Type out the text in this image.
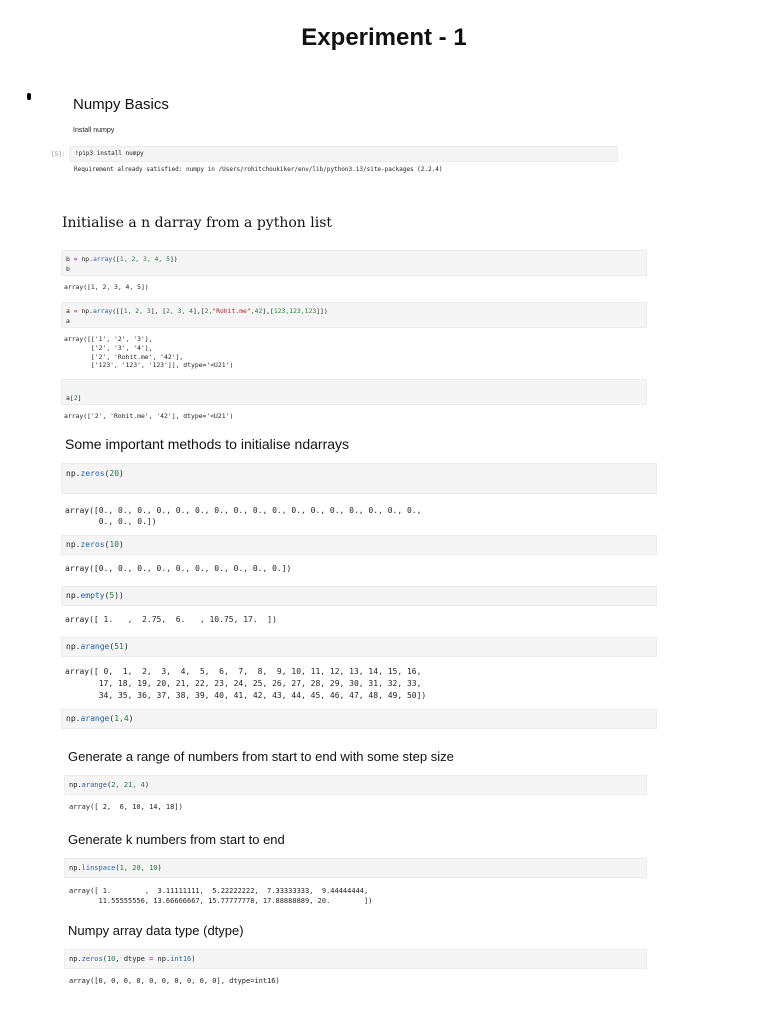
Experiment - 1
Numpy Basics
Install numpy
[5]: !pip3 install numpy
Requirement already satisfied: numpy in /Users/rohitchoukiker/env/lib/python3.13/site-packages (2.2.4)
Initialise a n darray from a python list
b = np.array([1, 2, 3, 4, 5])
b
array([1, 2, 3, 4, 5])
a = np.array([[1, 2, 3], [2, 3, 4],[2,"Rohit.me",42],[123,123,123]])
a
array([['1', '2', '3'],
['2', '3', '4'],
['2', 'Rohit.me', '42'],
['123', '123', '123']], dtype='<U21')
a[2]
array(['2', 'Rohit.me', '42'], dtype='<U21')
Some important methods to initialise ndarrays
np.zeros(20)
array([0., 0., 0., 0., 0., 0., 0., 0., 0., 0., 0., 0., 0., 0., 0., 0., 0.,
0., 0., 0.])
np.zeros(10)
array([0., 0., 0., 0., 0., 0., 0., 0., 0., 0.])
np.empty(5))
array([ 1.   ,  2.75,  6.   , 10.75, 17.  ])
np.arange(51)
array([ 0,  1,  2,  3,  4,  5,  6,  7,  8,  9, 10, 11, 12, 13, 14, 15, 16,
17, 18, 19, 20, 21, 22, 23, 24, 25, 26, 27, 28, 29, 30, 31, 32, 33,
34, 35, 36, 37, 38, 39, 40, 41, 42, 43, 44, 45, 46, 47, 48, 49, 50])
np.arange(1,4)
Generate a range of numbers from start to end with some step size
np.arange(2, 21, 4)
array([ 2,  6, 10, 14, 18])
Generate k numbers from start to end
np.linspace(1, 20, 10)
array([ 1.        ,  3.11111111,  5.22222222,  7.33333333,  9.44444444,
11.55555556, 13.66666667, 15.77777778, 17.88888889, 20.        ])
Numpy array data type (dtype)
np.zeros(10, dtype = np.int16)
array([0, 0, 0, 0, 0, 0, 0, 0, 0, 0], dtype=int16)
